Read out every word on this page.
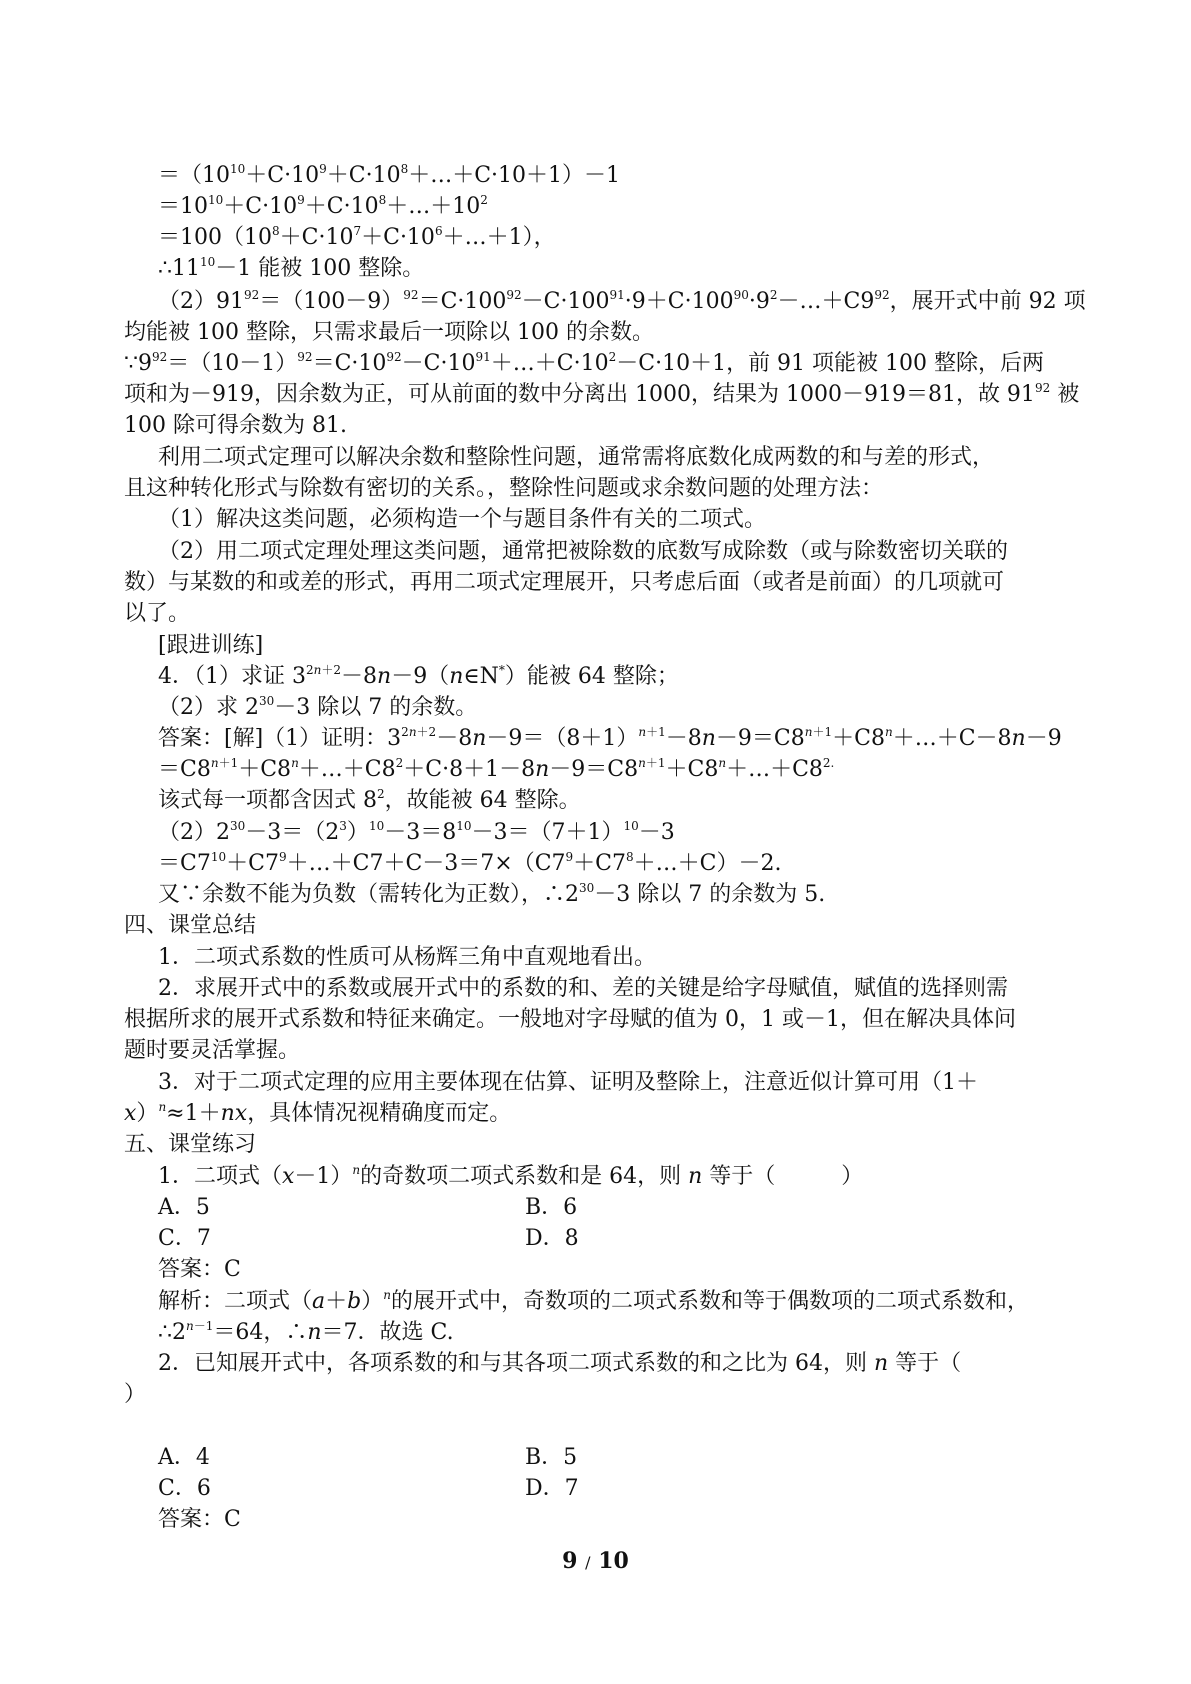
$=(10^{10}+C\cdot 10^9+C\cdot 10^8+\dots+C\cdot 10+1)-1$
$=10^{10}+C\cdot 10^9+C\cdot 10^8+\dots+10^2$
$=100(10^8+C\cdot 10^7+C\cdot 10^6+\dots+1)$，
$\therefore 11^{10}-1$ 能被 100 整除。
$(2)91^{92}=(100-9)^{92}=C\cdot 100^{92}-C\cdot 100^{91}\cdot 9+C\cdot 100^{90}\cdot 9^2-\dots+C9^{92}$，展开式中前 92 项
均能被 100 整除，只需求最后一项除以 100 的余数。
$\because 9^{92}=(10-1)^{92}=C\cdot 10^{92}-C\cdot 10^{91}+\dots+C\cdot 10^2-C\cdot 10+1$，前 91 项能被 100 整除，后两
项和为－919，因余数为正，可从前面的数中分离出 1000，结果为 1000－919＝81，故 $91^{92}$ 被
100 除可得余数为 81.
利用二项式定理可以解决余数和整除性问题，通常需将底数化成两数的和与差的形式，
且这种转化形式与除数有密切的关系。，整除性问题或求余数问题的处理方法：
（1）解决这类问题，必须构造一个与题目条件有关的二项式。
（2）用二项式定理处理这类问题，通常把被除数的底数写成除数（或与除数密切关联的
数）与某数的和或差的形式，再用二项式定理展开，只考虑后面（或者是前面）的几项就可
以了。
[跟进训练]
4．（1）求证 $3^{2n+2}-8n-9(n\in N^*)$能被 64 整除；
（2）求 $2^{30}-3$ 除以 7 的余数。
答案：[解]（1）证明：$3^{2n+2}-8n-9=(8+1)^{n+1}-8n-9=C8^{n+1}+C8^n+\dots+C-8n-9$
$=C8^{n+1}+C8^n+\dots+C8^2+C\cdot 8+1-8n-9=C8^{n+1}+C8^n+\dots+C8^{2.}$
该式每一项都含因式 $8^2$，故能被 64 整除。
$(2)2^{30}-3=(2^3)^{10}-3=8^{10}-3=(7+1)^{10}-3$
$=C7^{10}+C7^9+\dots+C7+C-3=7\times(C7^9+C7^8+\dots+C)-2$.
又∵余数不能为负数（需转化为正数），$\therefore 2^{30}-3$ 除以 7 的余数为 5.
四、课堂总结
1．二项式系数的性质可从杨辉三角中直观地看出。
2．求展开式中的系数或展开式中的系数的和、差的关键是给字母赋值，赋值的选择则需
根据所求的展开式系数和特征来确定。一般地对字母赋的值为 0，1 或－1，但在解决具体问
题时要灵活掌握。
3．对于二项式定理的应用主要体现在估算、证明及整除上，注意近似计算可用（1＋
x）$^n$≈1＋nx，具体情况视精确度而定。
五、课堂练习
1．二项式$(x-1)^n$的奇数项二项式系数和是 64，则 n 等于（　　　）
答案：C
解析：二项式$(a+b)^n$的展开式中，奇数项的二项式系数和等于偶数项的二项式系数和，
$\therefore 2^{n-1}=64$，∴n＝7．故选 C.
2．已知展开式中，各项系数的和与其各项二项式系数的和之比为 64，则 n 等于（
）
答案：C
A．5	B．6
C．7	D．8
A．4	B．5
C．6	D．7
9 / 10
